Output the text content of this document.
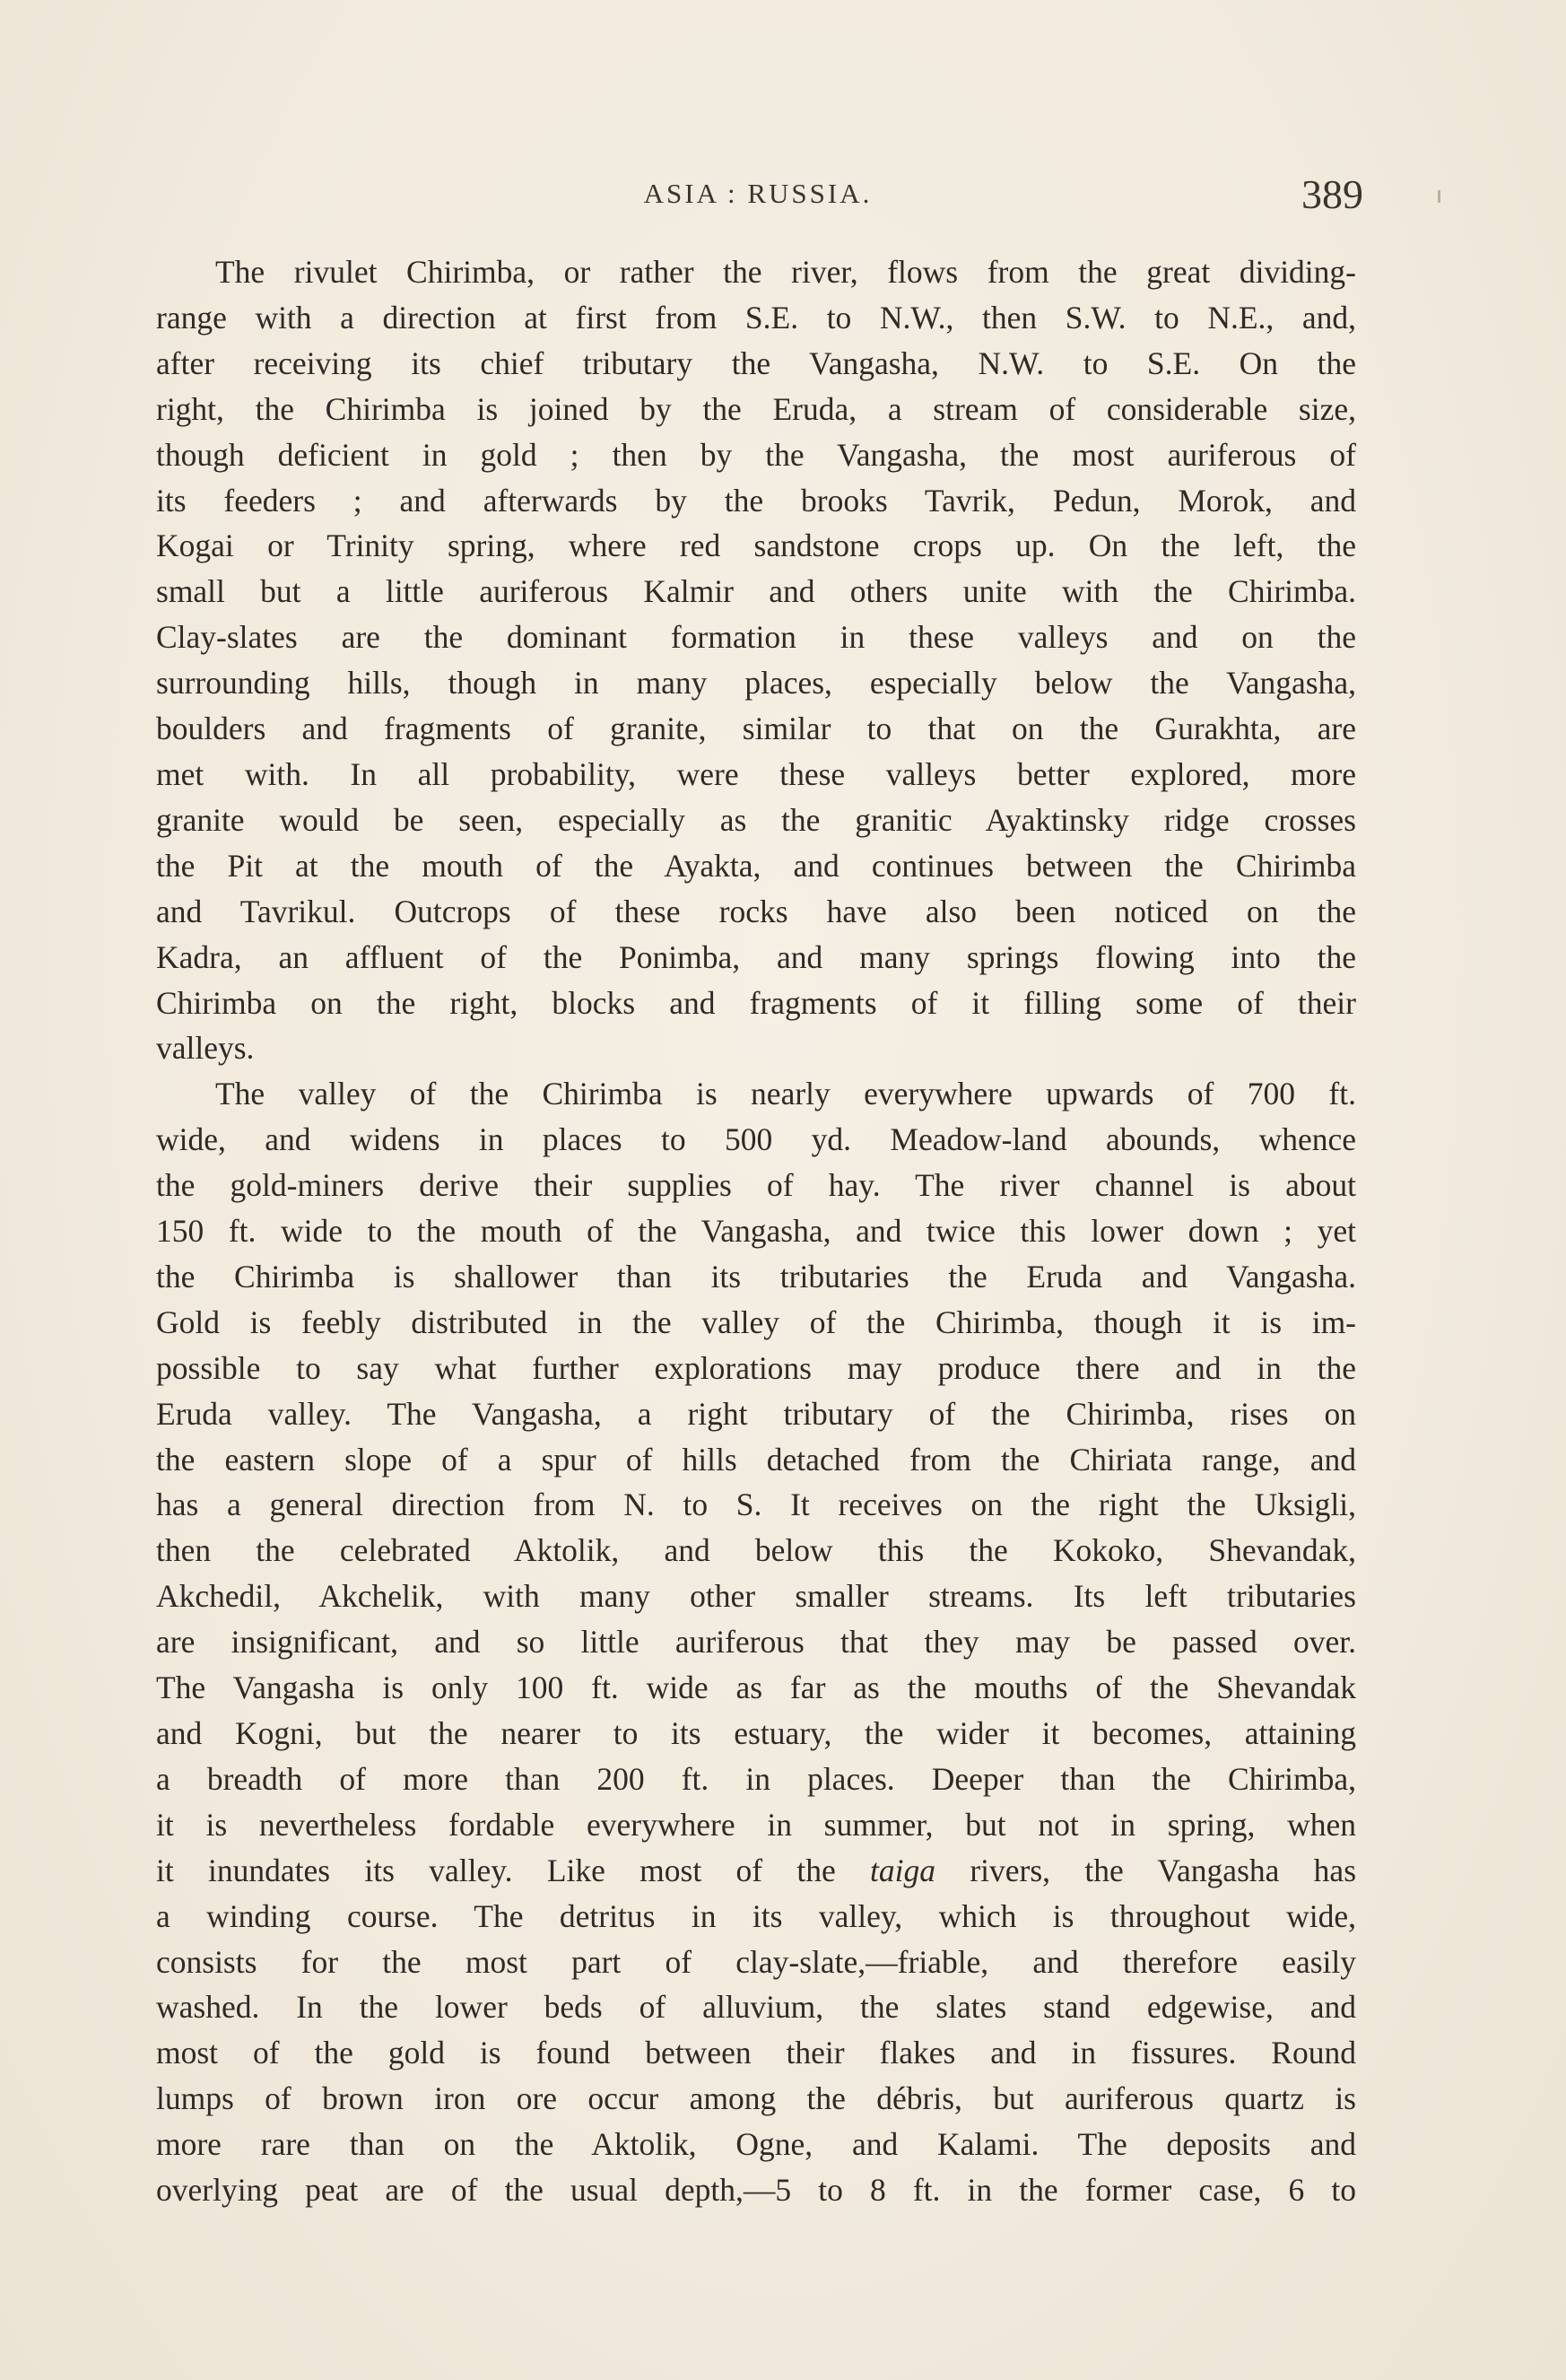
ASIA : RUSSIA.	389

The rivulet Chirimba, or rather the river, flows from the great dividing-
range with a direction at first from S.E. to N.W., then S.W. to N.E., and,
after receiving its chief tributary the Vangasha, N.W. to S.E. On the
right, the Chirimba is joined by the Eruda, a stream of considerable size,
though deficient in gold ; then by the Vangasha, the most auriferous of
its feeders ; and afterwards by the brooks Tavrik, Pedun, Morok, and
Kogai or Trinity spring, where red sandstone crops up. On the left, the
small but a little auriferous Kalmir and others unite with the Chirimba.
Clay-slates are the dominant formation in these valleys and on the
surrounding hills, though in many places, especially below the Vangasha,
boulders and fragments of granite, similar to that on the Gurakhta, are
met with. In all probability, were these valleys better explored, more
granite would be seen, especially as the granitic Ayaktinsky ridge crosses
the Pit at the mouth of the Ayakta, and continues between the Chirimba
and Tavrikul. Outcrops of these rocks have also been noticed on the
Kadra, an affluent of the Ponimba, and many springs flowing into the
Chirimba on the right, blocks and fragments of it filling some of their
valleys.

The valley of the Chirimba is nearly everywhere upwards of 700 ft.
wide, and widens in places to 500 yd. Meadow-land abounds, whence
the gold-miners derive their supplies of hay. The river channel is about
150 ft. wide to the mouth of the Vangasha, and twice this lower down ; yet
the Chirimba is shallower than its tributaries the Eruda and Vangasha.
Gold is feebly distributed in the valley of the Chirimba, though it is im-
possible to say what further explorations may produce there and in the
Eruda valley. The Vangasha, a right tributary of the Chirimba, rises on
the eastern slope of a spur of hills detached from the Chiriata range, and
has a general direction from N. to S. It receives on the right the Uksigli,
then the celebrated Aktolik, and below this the Kokoko, Shevandak,
Akchedil, Akchelik, with many other smaller streams. Its left tributaries
are insignificant, and so little auriferous that they may be passed over.
The Vangasha is only 100 ft. wide as far as the mouths of the Shevandak
and Kogni, but the nearer to its estuary, the wider it becomes, attaining
a breadth of more than 200 ft. in places. Deeper than the Chirimba,
it is nevertheless fordable everywhere in summer, but not in spring, when
it inundates its valley. Like most of the taiga rivers, the Vangasha has
a winding course. The detritus in its valley, which is throughout wide,
consists for the most part of clay-slate,—friable, and therefore easily
washed. In the lower beds of alluvium, the slates stand edgewise, and
most of the gold is found between their flakes and in fissures. Round
lumps of brown iron ore occur among the débris, but auriferous quartz is
more rare than on the Aktolik, Ogne, and Kalami. The deposits and
overlying peat are of the usual depth,—5 to 8 ft. in the former case, 6 to
